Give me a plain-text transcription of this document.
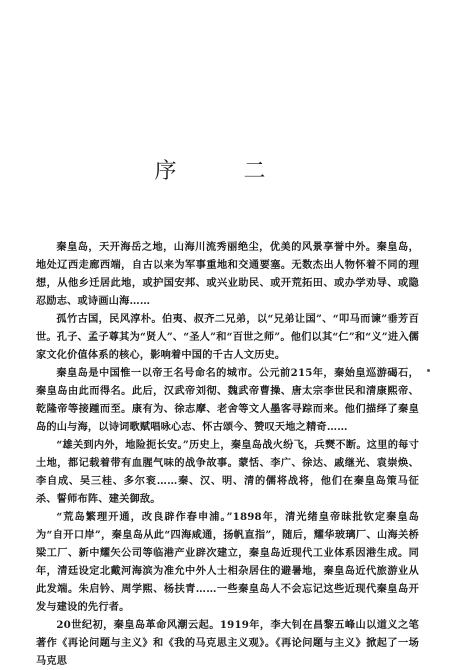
序 二

秦皇岛，天开海岳之地，山海川流秀丽绝尘，优美的风景享誉中外。秦皇岛，地处辽西走廊西端，自古以来为军事重地和交通要塞。无数杰出人物怀着不同的理想，从他乡迁居此地，或护国安邦、或兴业助民、或开荒拓田、或办学劝导、或隐忍励志、或诗画山海……

孤竹古国，民风淳朴。伯夷、叔齐二兄弟，以“兄弟让国”、“叩马而谏”垂芳百世。孔子、孟子尊其为“贤人”、“圣人”和“百世之师”。他们以其“仁”和“义”进入儒家文化价值体系的核心，影响着中国的千古人文历史。

秦皇岛是中国惟一以帝王名号命名的城市。公元前215年，秦始皇巡游碣石，秦皇岛由此而得名。此后，汉武帝刘彻、魏武帝曹操、唐太宗李世民和清康熙帝、乾隆帝等接踵而至。康有为、徐志摩、老舍等文人墨客寻踪而来。他们描绎了秦皇岛的山与海，以诗词歌赋唱咏心志、怀古颂今、赞叹天地之精奇……

“雄关到内外，地险扼长安。”历史上，秦皇岛战火纷飞，兵燹不断。这里的每寸土地，都记载着带有血腥气味的战争故事。蒙恬、李广、徐达、戚继光、袁崇焕、李自成、吴三桂、多尔衮……秦、汉、明、清的儒将战将，他们在秦皇岛策马征杀、誓师布阵、建关御敌。

“荒岛繁理开通，改良辟作春申浦。”1898年，清光绪皇帝昧批钦定秦皇岛为“自开口岸”，秦皇岛从此“四海咸通，扬帆直指”，随后，耀华玻璃厂、山海关桥梁工厂、新中耀矢公司等临港产业辟次建立，秦皇岛近现代工业体系因港生成。同年，清廷设定北戴河海滨为准允中外人士相杂居住的避暑地，秦皇岛近代旅游业从此发端。朱启钤、周学熙、杨扶青……一些秦皇岛人不会忘记这些近现代秦皇岛开发与建设的先行者。

20世纪初，秦皇岛革命风潮云起。1919年，李大钊在昌黎五峰山以道义之笔著作《再论问题与主义》和《我的马克思主义观》。《再论问题与主义》掀起了一场马克思
